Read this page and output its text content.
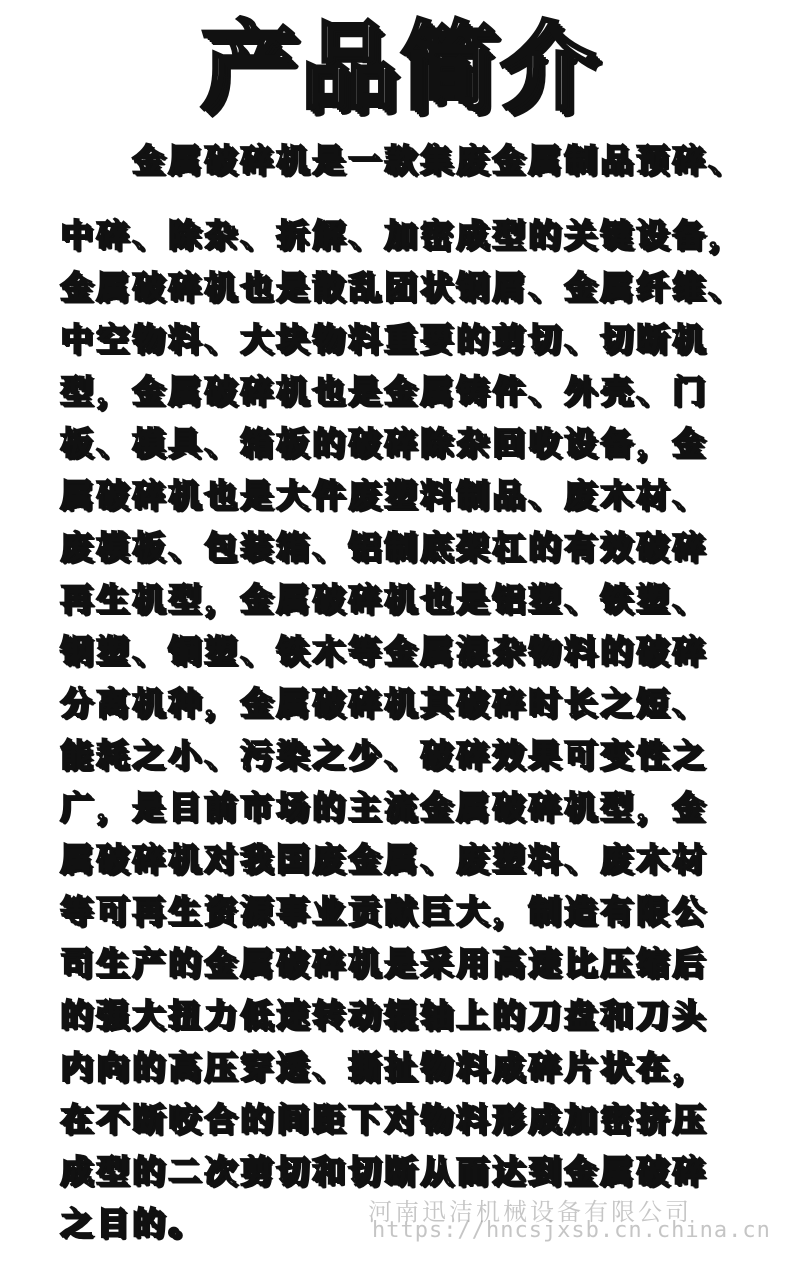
产品简介
金属破碎机是一款集废金属制品预碎、
中碎、除杂、拆解、加密成型的关键设备，
金属破碎机也是散乱团状钢屑、金属纤维、
中空物料、大块物料重要的剪切、切断机
型，金属破碎机也是金属铸件、外壳、门
板、模具、箱板的破碎除杂回收设备，金
属破碎机也是大件废塑料制品、废木材、
废模板、包装箱、铝制底架杠的有效破碎
再生机型，金属破碎机也是铝塑、铁塑、
钢塑、铜塑、铁木等金属混杂物料的破碎
分离机种，金属破碎机其破碎时长之短、
能耗之小、污染之少、破碎效果可变性之
广，是目前市场的主流金属破碎机型，金
属破碎机对我国废金属、废塑料、废木材
等可再生资源事业贡献巨大，制造有限公
司生产的金属破碎机是采用高速比压缩后
的强大扭力低速转动辊轴上的刀盘和刀头
内向的高压穿透、撕扯物料成碎片状在，
在不断咬合的间距下对物料形成加密挤压
成型的二次剪切和切断从而达到金属破碎
之目的。	河南迅洁机械设备有限公司
https://hncsjxsb.cn.china.cn
